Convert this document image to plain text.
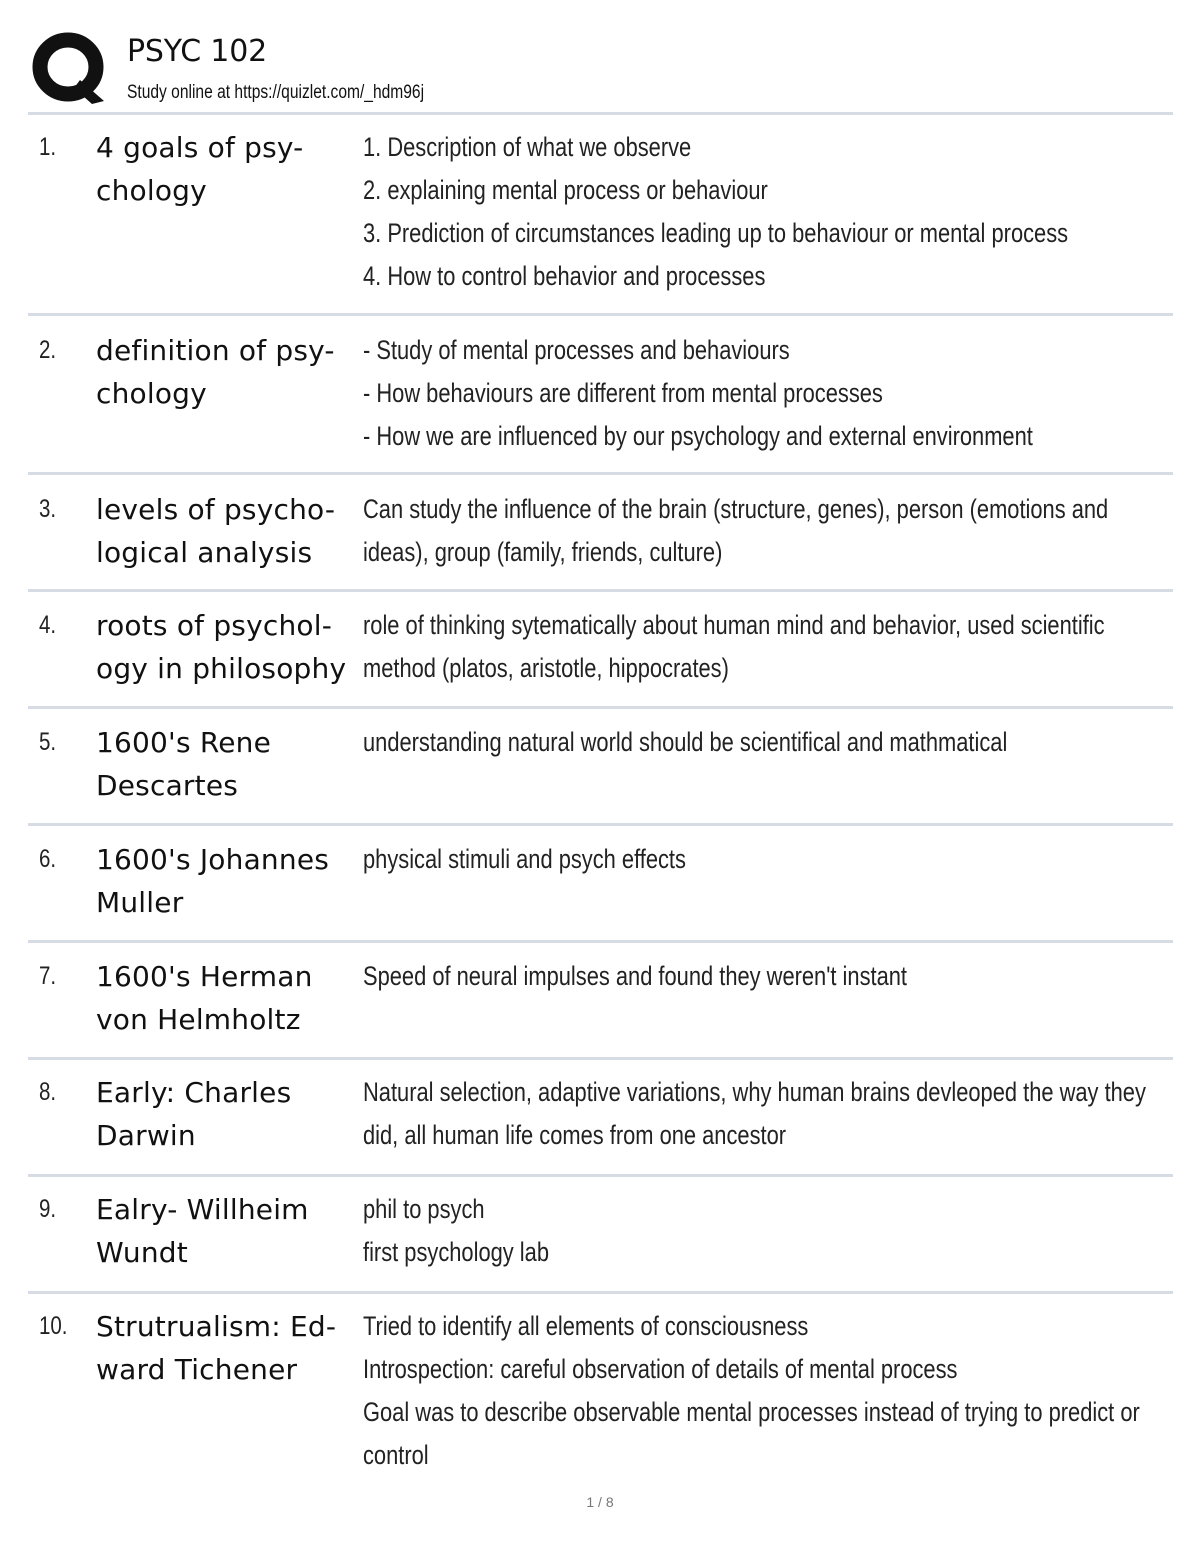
PSYC 102
Study online at https://quizlet.com/_hdm96j
1. 4 goals of psy-
chology
1. Description of what we observe
2. explaining mental process or behaviour
3. Prediction of circumstances leading up to behaviour or mental process
4. How to control behavior and processes
2. definition of psy-
chology
- Study of mental processes and behaviours
- How behaviours are different from mental processes
- How we are influenced by our psychology and external environment
3. levels of psycho-
logical analysis
Can study the influence of the brain (structure, genes), person (emotions and
ideas), group (family, friends, culture)
4. roots of psychol-
ogy in philosophy
role of thinking sytematically about human mind and behavior, used scientific
method (platos, aristotle, hippocrates)
5. 1600's Rene
Descartes
understanding natural world should be scientifical and mathmatical
6. 1600's Johannes
Muller
physical stimuli and psych effects
7. 1600's Herman
von Helmholtz
Speed of neural impulses and found they weren't instant
8. Early: Charles
Darwin
Natural selection, adaptive variations, why human brains devleoped the way they
did, all human life comes from one ancestor
9. Ealry- Willheim
Wundt
phil to psych
first psychology lab
10. Strutrualism: Ed-
ward Tichener
Tried to identify all elements of consciousness
Introspection: careful observation of details of mental process
Goal was to describe observable mental processes instead of trying to predict or
control
1 / 8
